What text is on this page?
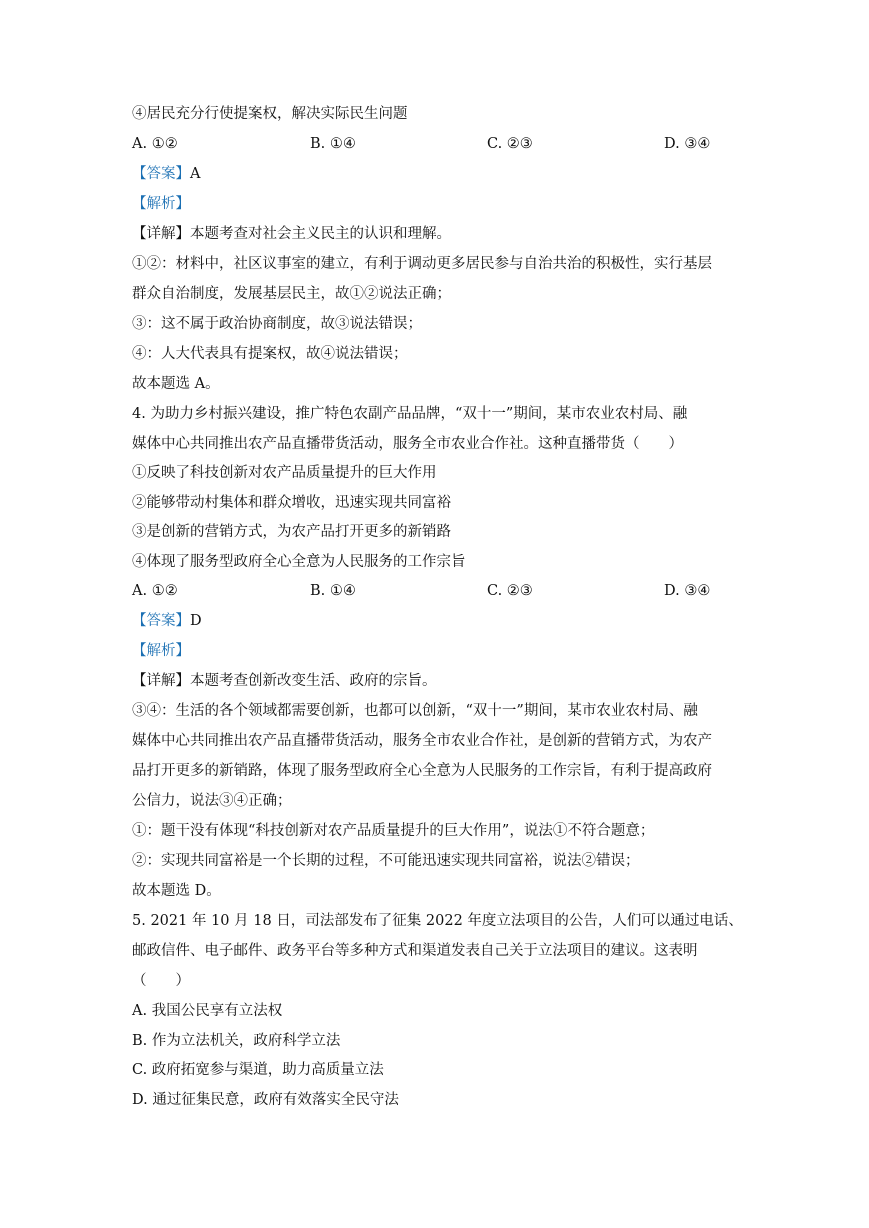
④居民充分行使提案权，解决实际民生问题
A. ①②	B. ①④	C. ②③	D. ③④
【答案】A
【解析】
【详解】本题考查对社会主义民主的认识和理解。
①②：材料中，社区议事室的建立，有利于调动更多居民参与自治共治的积极性，实行基层
群众自治制度，发展基层民主，故①②说法正确；
③：这不属于政治协商制度，故③说法错误；
④：人大代表具有提案权，故④说法错误；
故本题选 A。
4. 为助力乡村振兴建设，推广特色农副产品品牌，“双十一”期间，某市农业农村局、融
媒体中心共同推出农产品直播带货活动，服务全市农业合作社。这种直播带货（　　）
①反映了科技创新对农产品质量提升的巨大作用
②能够带动村集体和群众增收，迅速实现共同富裕
③是创新的营销方式，为农产品打开更多的新销路
④体现了服务型政府全心全意为人民服务的工作宗旨
A. ①②	B. ①④	C. ②③	D. ③④
【答案】D
【解析】
【详解】本题考查创新改变生活、政府的宗旨。
③④：生活的各个领域都需要创新，也都可以创新，“双十一”期间，某市农业农村局、融
媒体中心共同推出农产品直播带货活动，服务全市农业合作社，是创新的营销方式，为农产
品打开更多的新销路，体现了服务型政府全心全意为人民服务的工作宗旨，有利于提高政府
公信力，说法③④正确；
①：题干没有体现“科技创新对农产品质量提升的巨大作用”，说法①不符合题意；
②：实现共同富裕是一个长期的过程，不可能迅速实现共同富裕，说法②错误；
故本题选 D。
5. 2021 年 10 月 18 日，司法部发布了征集 2022 年度立法项目的公告，人们可以通过电话、
邮政信件、电子邮件、政务平台等多种方式和渠道发表自己关于立法项目的建议。这表明
（　　）
A. 我国公民享有立法权
B. 作为立法机关，政府科学立法
C. 政府拓宽参与渠道，助力高质量立法
D. 通过征集民意，政府有效落实全民守法
